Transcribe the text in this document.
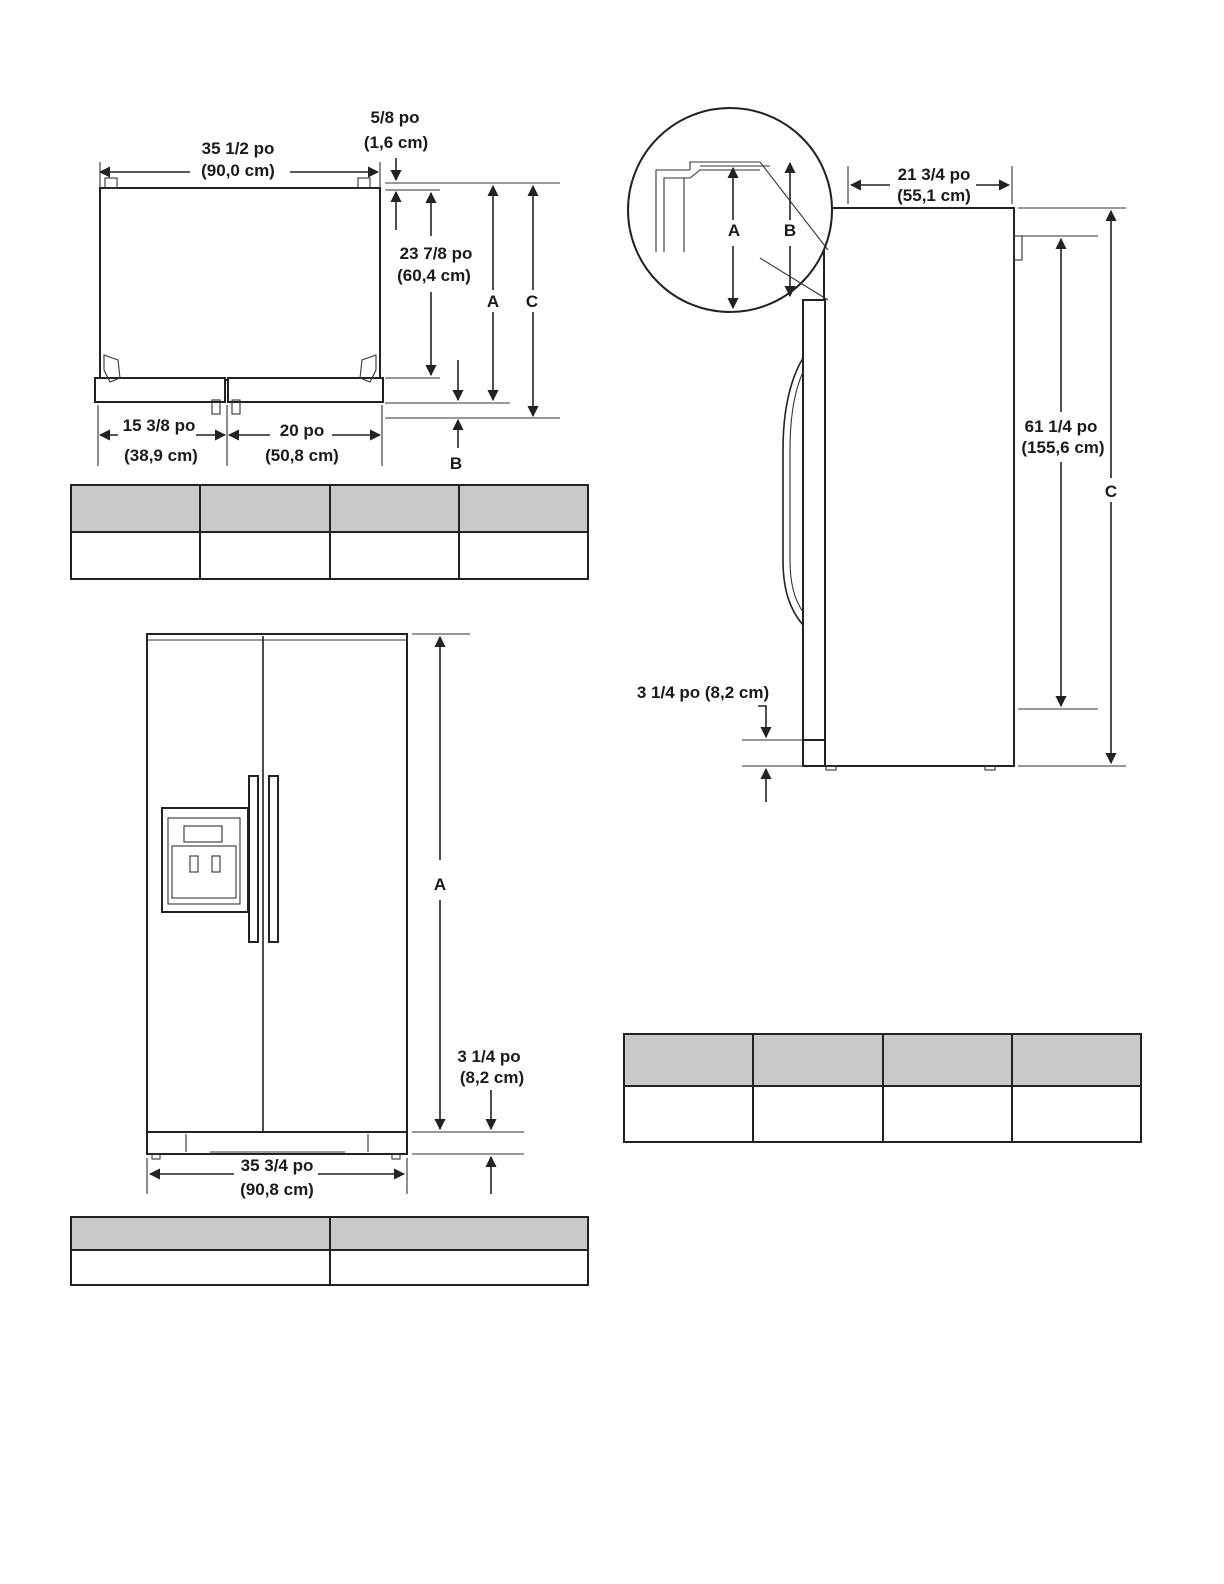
35 1/2 po
(90,0 cm)
5/8 po
(1,6 cm)
23 7/8 po
(60,4 cm)
A C
B
15 3/8 po
(38,9 cm)
20 po
(50,8 cm)
A
3 1/4 po
(8,2 cm)
35 3/4 po
(90,8 cm)
A	B
21 3/4 po
(55,1 cm)
61 1/4 po
(155,6 cm)
C
3 1/4 po (8,2 cm)
